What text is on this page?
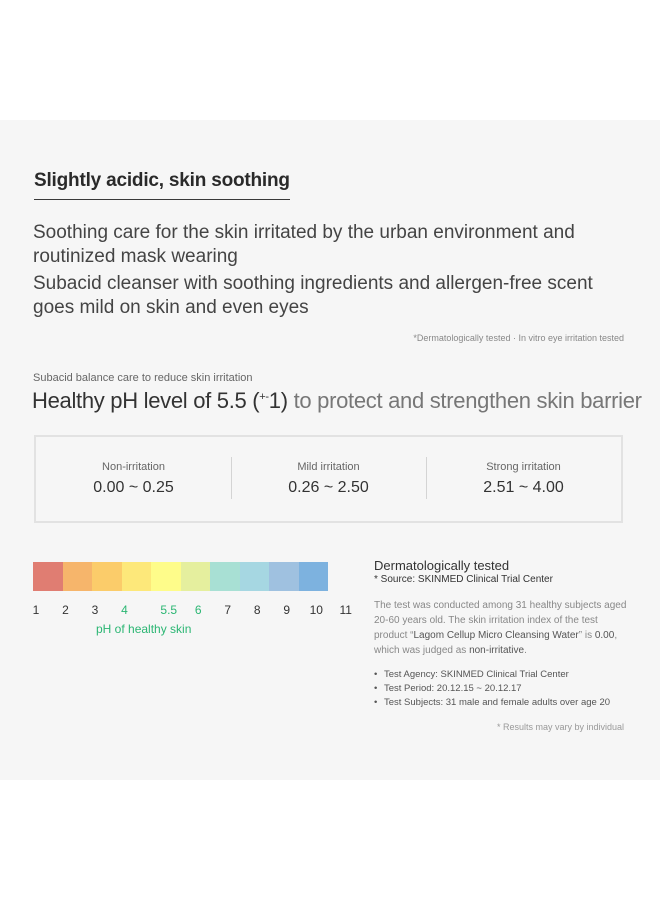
Slightly acidic, skin soothing
Soothing care for the skin irritated by the urban environment and routinized mask wearing
Subacid cleanser with soothing ingredients and allergen-free scent goes mild on skin and even eyes
*Dermatologically tested · In vitro eye irritation tested
Subacid balance care to reduce skin irritation
Healthy pH level of 5.5 (+-1) to protect and strengthen skin barrier
Non-irritation
0.00 ~ 0.25
Mild irritation
0.26 ~ 2.50
Strong irritation
2.51 ~ 4.00
1 2 3 4	5.5 6 7 8 9 10 11
pH of healthy skin
Dermatologically tested
* Source: SKINMED Clinical Trial Center
The test was conducted among 31 healthy subjects aged 20-60 years old. The skin irritation index of the test product “Lagom Cellup Micro Cleansing Water” is 0.00, which was judged as non-irritative.
• Test Agency: SKINMED Clinical Trial Center
• Test Period: 20.12.15 ~ 20.12.17
• Test Subjects: 31 male and female adults over age 20
* Results may vary by individual
